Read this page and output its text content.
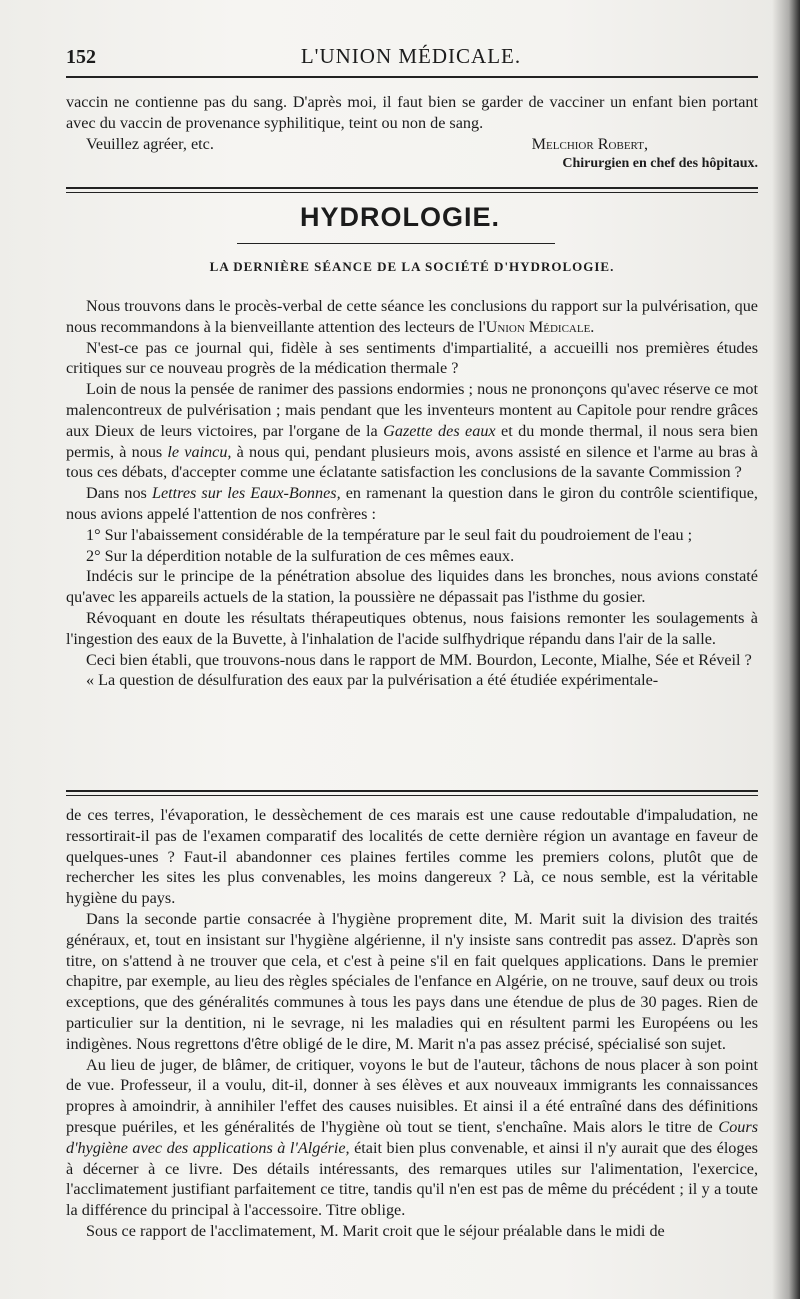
152	L'UNION MÉDICALE.

vaccin ne contienne pas du sang. D'après moi, il faut bien se garder de vacciner un enfant bien portant avec du vaccin de provenance syphilitique, teint ou non de sang.

Veuillez agréer, etc.	Melchior Robert,

Chirurgien en chef des hôpitaux.

HYDROLOGIE.
LA DERNIÈRE SÉANCE DE LA SOCIÉTÉ D'HYDROLOGIE.

Nous trouvons dans le procès-verbal de cette séance les conclusions du rapport sur la pulvérisation, que nous recommandons à la bienveillante attention des lecteurs de l'Union Médicale.

N'est-ce pas ce journal qui, fidèle à ses sentiments d'impartialité, a accueilli nos premières études critiques sur ce nouveau progrès de la médication thermale ?

Loin de nous la pensée de ranimer des passions endormies ; nous ne prononçons qu'avec réserve ce mot malencontreux de pulvérisation ; mais pendant que les inventeurs montent au Capitole pour rendre grâces aux Dieux de leurs victoires, par l'organe de la Gazette des eaux et du monde thermal, il nous sera bien permis, à nous le vaincu, à nous qui, pendant plusieurs mois, avons assisté en silence et l'arme au bras à tous ces débats, d'accepter comme une éclatante satisfaction les conclusions de la savante Commission ?

Dans nos Lettres sur les Eaux-Bonnes, en ramenant la question dans le giron du contrôle scientifique, nous avions appelé l'attention de nos confrères :

1° Sur l'abaissement considérable de la température par le seul fait du poudroiement de l'eau ;

2° Sur la déperdition notable de la sulfuration de ces mêmes eaux.

Indécis sur le principe de la pénétration absolue des liquides dans les bronches, nous avions constaté qu'avec les appareils actuels de la station, la poussière ne dépassait pas l'isthme du gosier.

Révoquant en doute les résultats thérapeutiques obtenus, nous faisions remonter les soulagements à l'ingestion des eaux de la Buvette, à l'inhalation de l'acide sulfhydrique répandu dans l'air de la salle.

Ceci bien établi, que trouvons-nous dans le rapport de MM. Bourdon, Leconte, Mialhe, Sée et Réveil ?

« La question de désulfuration des eaux par la pulvérisation a été étudiée expérimentale-

de ces terres, l'évaporation, le dessèchement de ces marais est une cause redoutable d'impaludation, ne ressortirait-il pas de l'examen comparatif des localités de cette dernière région un avantage en faveur de quelques-unes ? Faut-il abandonner ces plaines fertiles comme les premiers colons, plutôt que de rechercher les sites les plus convenables, les moins dangereux ? Là, ce nous semble, est la véritable hygiène du pays.

Dans la seconde partie consacrée à l'hygiène proprement dite, M. Marit suit la division des traités généraux, et, tout en insistant sur l'hygiène algérienne, il n'y insiste sans contredit pas assez. D'après son titre, on s'attend à ne trouver que cela, et c'est à peine s'il en fait quelques applications. Dans le premier chapitre, par exemple, au lieu des règles spéciales de l'enfance en Algérie, on ne trouve, sauf deux ou trois exceptions, que des généralités communes à tous les pays dans une étendue de plus de 30 pages. Rien de particulier sur la dentition, ni le sevrage, ni les maladies qui en résultent parmi les Européens ou les indigènes. Nous regrettons d'être obligé de le dire, M. Marit n'a pas assez précisé, spécialisé son sujet.

Au lieu de juger, de blâmer, de critiquer, voyons le but de l'auteur, tâchons de nous placer à son point de vue. Professeur, il a voulu, dit-il, donner à ses élèves et aux nouveaux immigrants les connaissances propres à amoindrir, à annihiler l'effet des causes nuisibles. Et ainsi il a été entraîné dans des définitions presque puériles, et les généralités de l'hygiène où tout se tient, s'enchaîne. Mais alors le titre de Cours d'hygiène avec des applications à l'Algérie, était bien plus convenable, et ainsi il n'y aurait que des éloges à décerner à ce livre. Des détails intéressants, des remarques utiles sur l'alimentation, l'exercice, l'acclimatement justifiant parfaitement ce titre, tandis qu'il n'en est pas de même du précédent ; il y a toute la différence du principal à l'accessoire. Titre oblige.

Sous ce rapport de l'acclimatement, M. Marit croit que le séjour préalable dans le midi de
